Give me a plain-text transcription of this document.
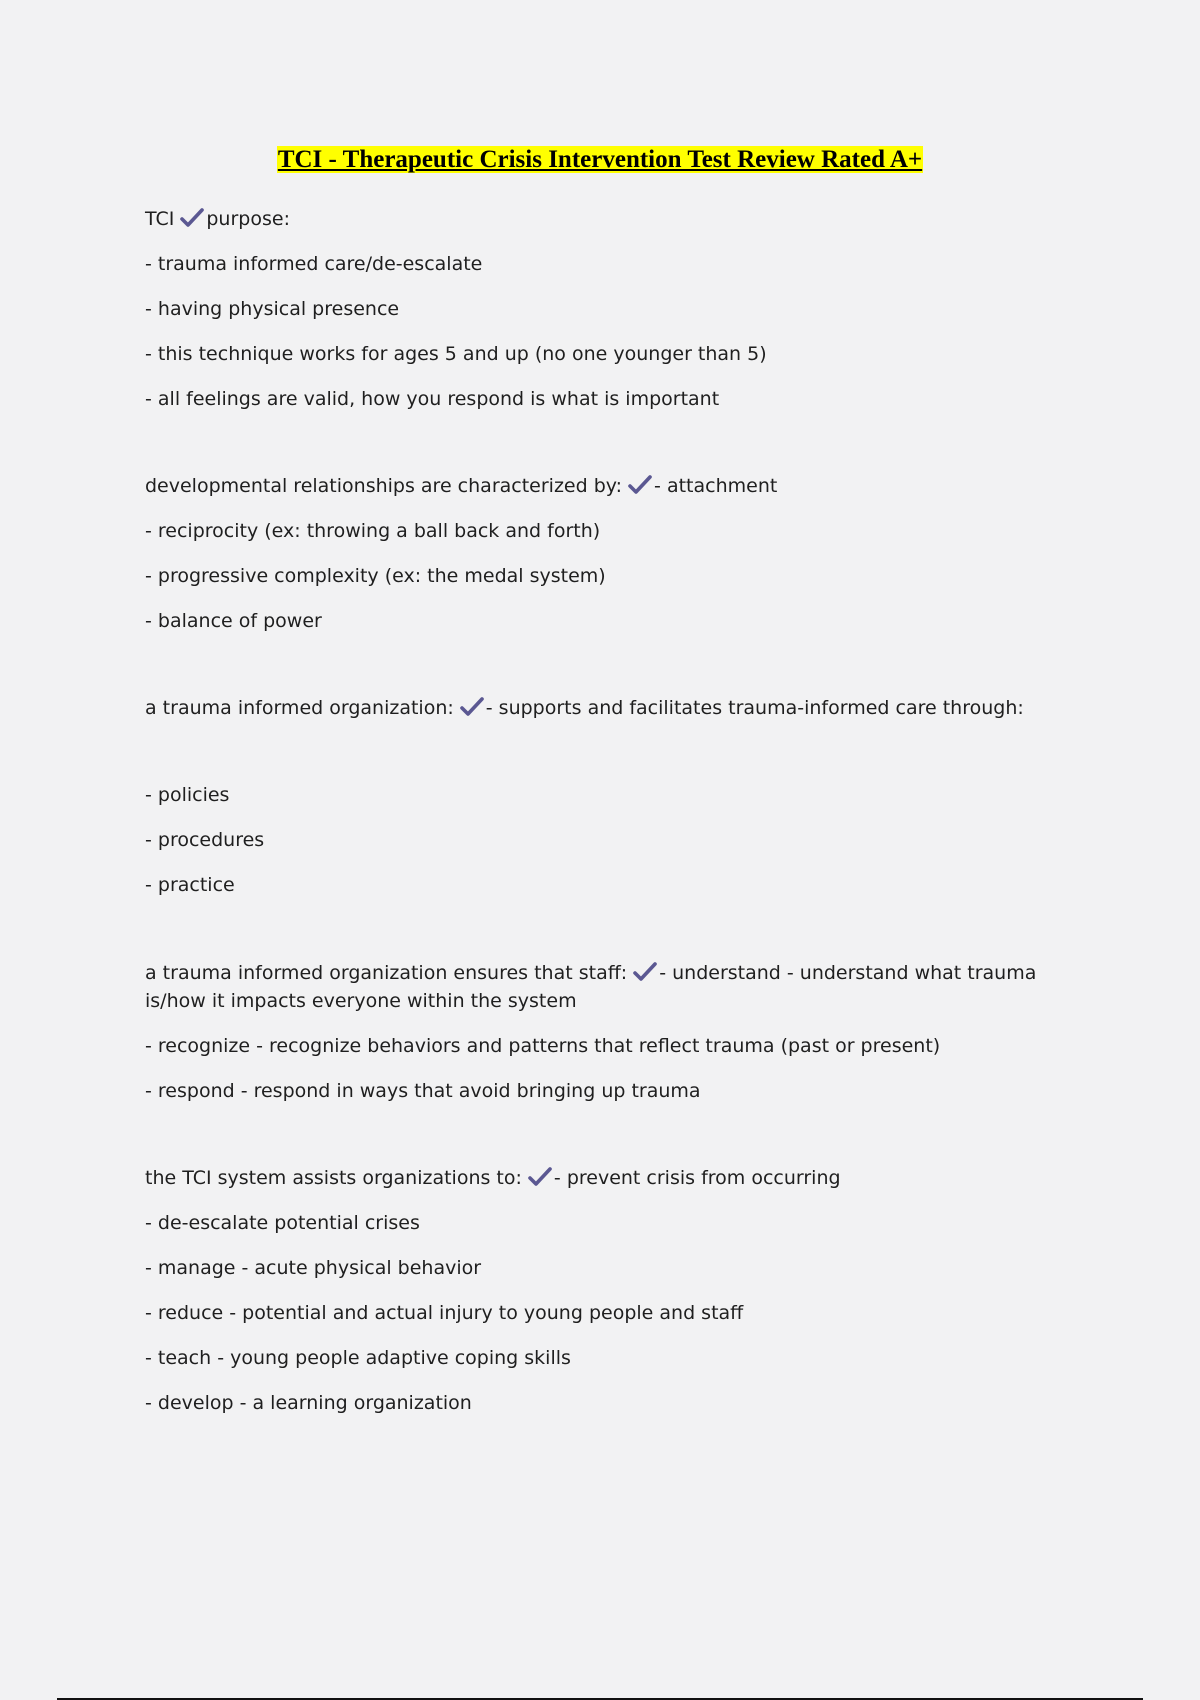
TCI - Therapeutic Crisis Intervention Test Review Rated A+

TCI purpose:

- trauma informed care/de-escalate

- having physical presence

- this technique works for ages 5 and up (no one younger than 5)

- all feelings are valid, how you respond is what is important

developmental relationships are characterized by: - attachment

- reciprocity (ex: throwing a ball back and forth)

- progressive complexity (ex: the medal system)

- balance of power

a trauma informed organization: - supports and facilitates trauma-informed care through:

- policies

- procedures

- practice

a trauma informed organization ensures that staff: - understand - understand what trauma is/how it impacts everyone within the system

- recognize - recognize behaviors and patterns that reflect trauma (past or present)

- respond - respond in ways that avoid bringing up trauma

the TCI system assists organizations to: - prevent crisis from occurring

- de-escalate potential crises

- manage - acute physical behavior

- reduce - potential and actual injury to young people and staff

- teach - young people adaptive coping skills

- develop - a learning organization
